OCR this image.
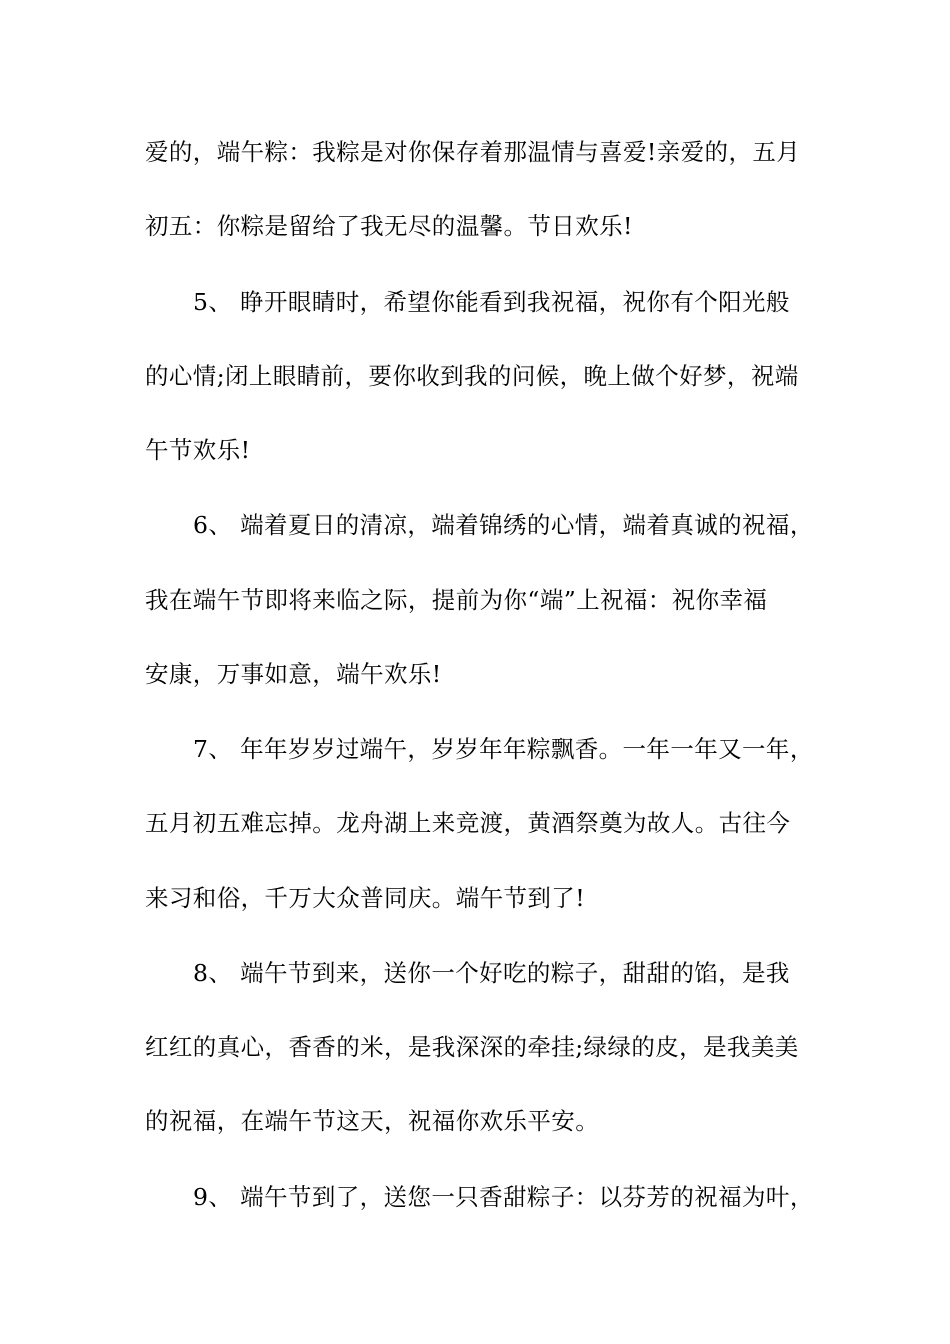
爱的，端午粽：我粽是对你保存着那温情与喜爱!亲爱的，五月
初五：你粽是留给了我无尽的温馨。节日欢乐!
5、 睁开眼睛时，希望你能看到我祝福，祝你有个阳光般
的心情;闭上眼睛前，要你收到我的问候，晚上做个好梦，祝端
午节欢乐!
6、 端着夏日的清凉，端着锦绣的心情，端着真诚的祝福，
我在端午节即将来临之际，提前为你“端”上祝福：祝你幸福
安康，万事如意，端午欢乐!
7、 年年岁岁过端午，岁岁年年粽飘香。一年一年又一年，
五月初五难忘掉。龙舟湖上来竞渡，黄酒祭奠为故人。古往今
来习和俗，千万大众普同庆。端午节到了!
8、 端午节到来，送你一个好吃的粽子，甜甜的馅，是我
红红的真心，香香的米，是我深深的牵挂;绿绿的皮，是我美美
的祝福，在端午节这天，祝福你欢乐平安。
9、 端午节到了，送您一只香甜粽子：以芬芳的祝福为叶，
